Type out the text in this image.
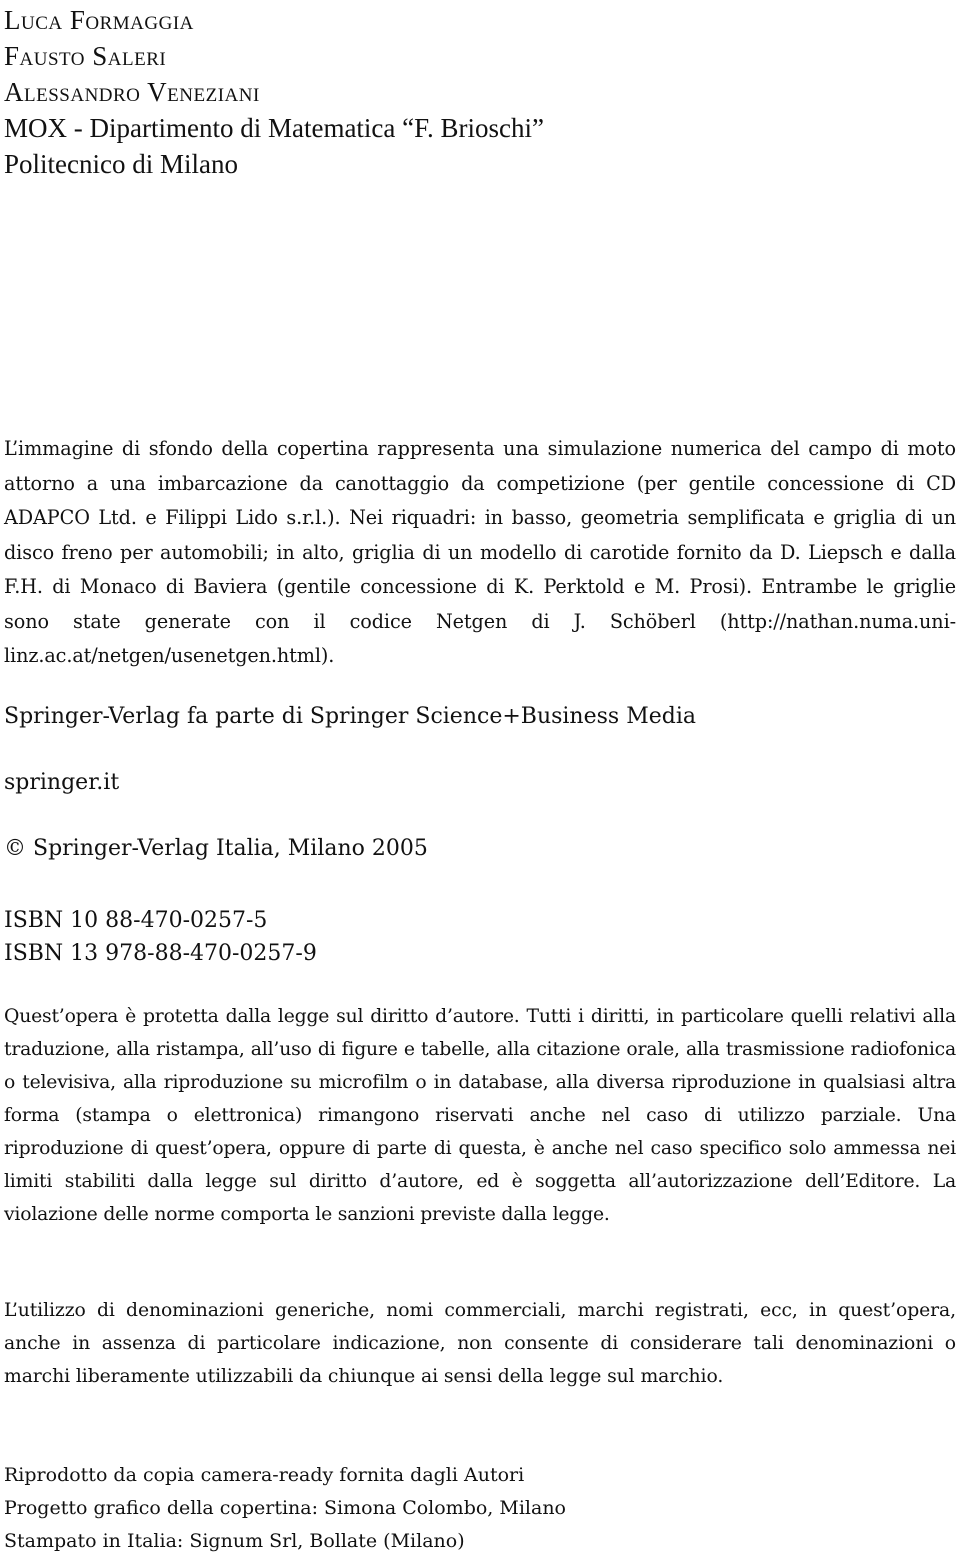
Luca Formaggia
Fausto Saleri
Alessandro Veneziani
MOX - Dipartimento di Matematica “F. Brioschi”
Politecnico di Milano

L’immagine di sfondo della copertina rappresenta una simulazione numerica del campo di moto attorno a una imbarcazione da canottaggio da competizione (per gentile concessione di CD ADAPCO Ltd. e Filippi Lido s.r.l.). Nei riquadri: in basso, geometria semplificata e griglia di un disco freno per automobili; in alto, griglia di un modello di carotide fornito da D. Liepsch e dalla F.H. di Monaco di Baviera (gentile concessione di K. Perktold e M. Prosi). Entrambe le griglie sono state generate con il codice Netgen di J. Schöberl (http://nathan.numa.uni-linz.ac.at/netgen/usenetgen.html).

Springer-Verlag fa parte di Springer Science+Business Media
springer.it
© Springer-Verlag Italia, Milano 2005
ISBN 10 88-470-0257-5
ISBN 13 978-88-470-0257-9

Quest’opera è protetta dalla legge sul diritto d’autore. Tutti i diritti, in particolare quelli relativi alla traduzione, alla ristampa, all’uso di figure e tabelle, alla citazione orale, alla trasmissione radiofonica o televisiva, alla riproduzione su microfilm o in database, alla diversa riproduzione in qualsiasi altra forma (stampa o elettronica) rimangono riservati anche nel caso di utilizzo parziale. Una riproduzione di quest’opera, oppure di parte di questa, è anche nel caso specifico solo ammessa nei limiti stabiliti dalla legge sul diritto d’autore, ed è soggetta all’autorizzazione dell’Editore. La violazione delle norme comporta le sanzioni previste dalla legge.

L’utilizzo di denominazioni generiche, nomi commerciali, marchi registrati, ecc, in quest’opera, anche in assenza di particolare indicazione, non consente di considerare tali denominazioni o marchi liberamente utilizzabili da chiunque ai sensi della legge sul marchio.

Riprodotto da copia camera-ready fornita dagli Autori
Progetto grafico della copertina: Simona Colombo, Milano
Stampato in Italia: Signum Srl, Bollate (Milano)
